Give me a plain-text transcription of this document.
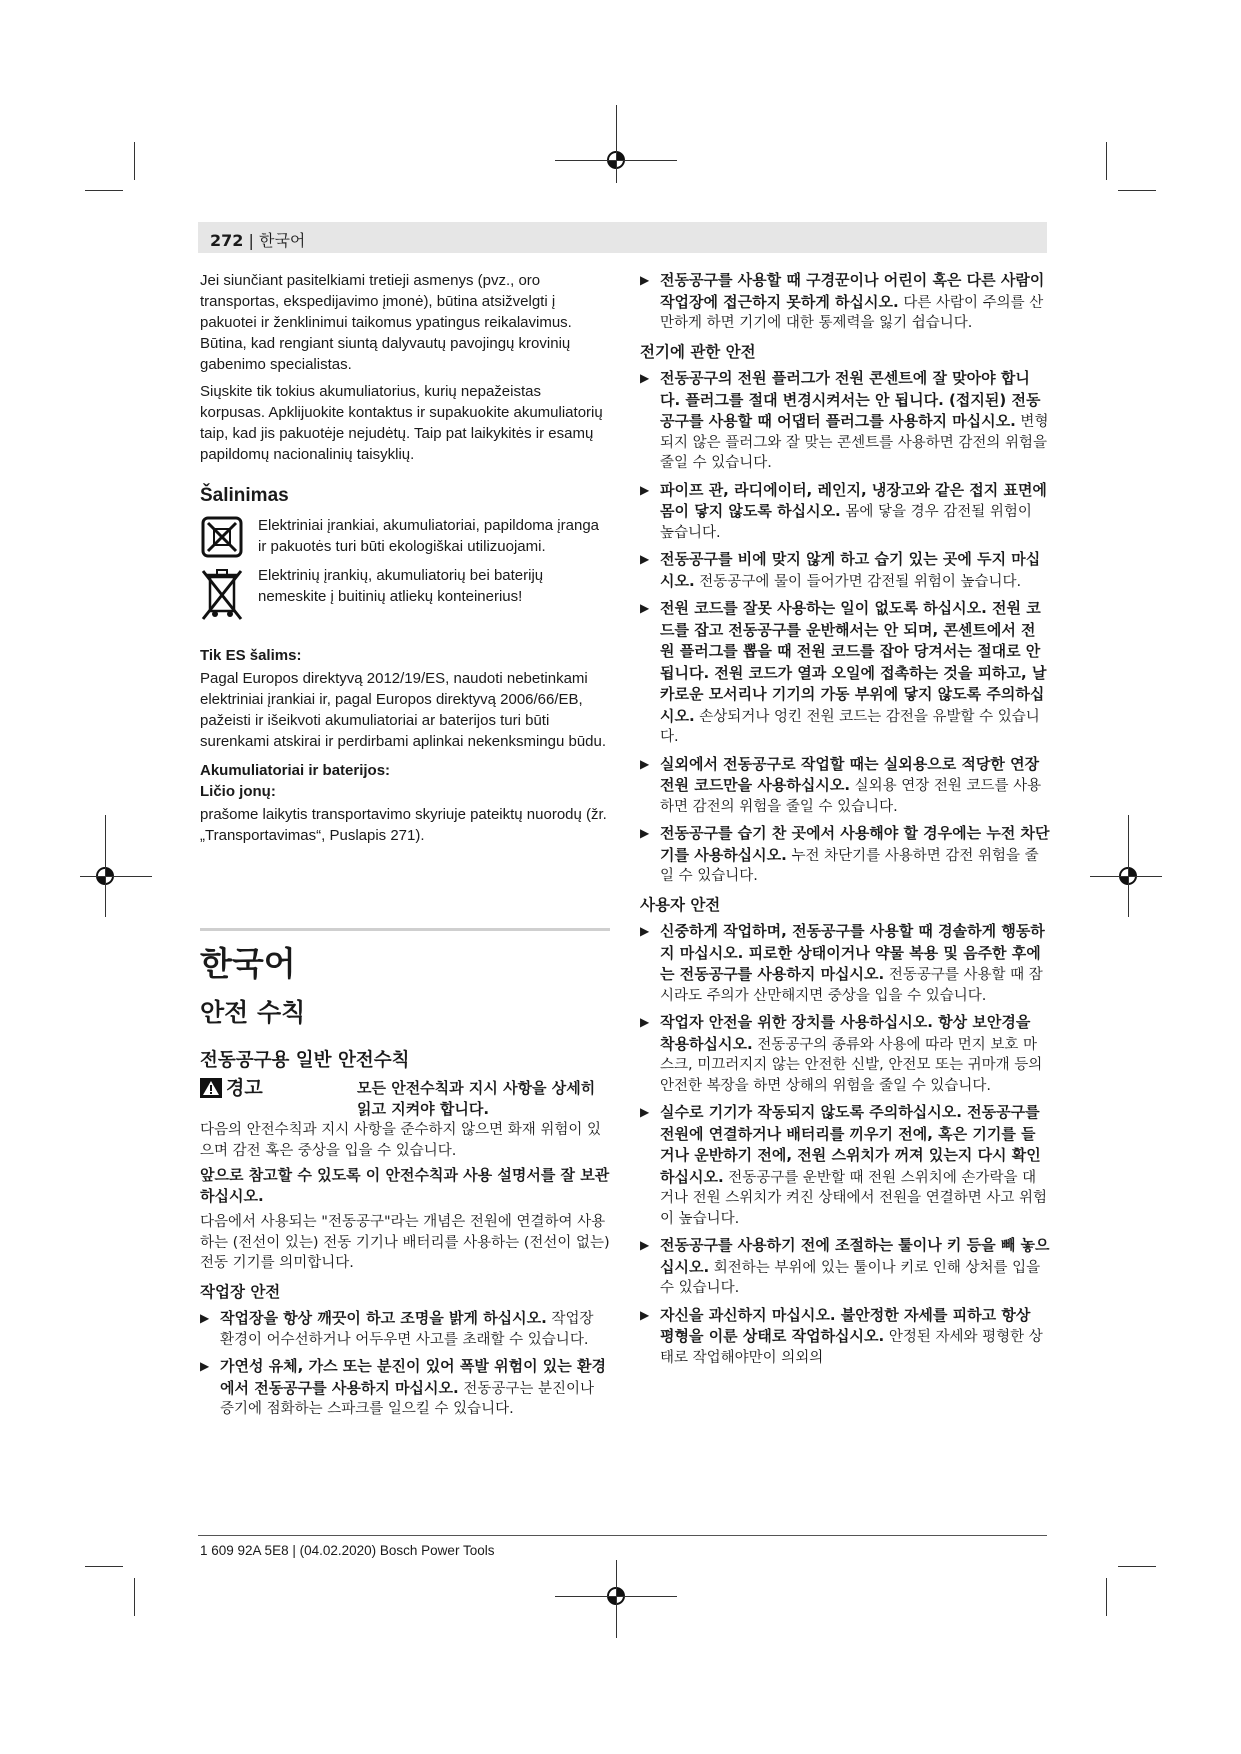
272 | 한국어

Jei siunčiant pasitelkiami tretieji asmenys (pvz., oro transportas, ekspedijavimo įmonė), būtina atsižvelgti į pakuotei ir ženklinimui taikomus ypatingus reikalavimus. Būtina, kad rengiant siuntą dalyvautų pavojingų krovinių gabenimo specialistas.

Siųskite tik tokius akumuliatorius, kurių nepažeistas korpusas. Apklijuokite kontaktus ir supakuokite akumuliatorių taip, kad jis pakuotėje nejudėtų. Taip pat laikykitės ir esamų papildomų nacionalinių taisyklių.

Šalinimas

Elektriniai įrankiai, akumuliatoriai, papildoma įranga ir pakuotės turi būti ekologiškai utilizuojami.

Elektrinių įrankių, akumuliatorių bei baterijų nemeskite į buitinių atliekų konteinerius!

Tik ES šalims:

Pagal Europos direktyvą 2012/19/ES, naudoti nebetinkami elektriniai įrankiai ir, pagal Europos direktyvą 2006/66/EB, pažeisti ir išeikvoti akumuliatoriai ar baterijos turi būti surenkami atskirai ir perdirbami aplinkai nekenksmingu būdu.

Akumuliatoriai ir baterijos:
Ličio jonų:

prašome laikytis transportavimo skyriuje pateiktų nuorodų (žr. „Transportavimas“, Puslapis 271).

한국어
안전 수칙
전동공구용 일반 안전수칙
경고	모든 안전수칙과 지시 사항을 상세히 읽고 지켜야 합니다.

다음의 안전수칙과 지시 사항을 준수하지 않으면 화재 위험이 있으며 감전 혹은 중상을 입을 수 있습니다.

앞으로 참고할 수 있도록 이 안전수칙과 사용 설명서를 잘 보관하십시오.

다음에서 사용되는 "전동공구"라는 개념은 전원에 연결하여 사용하는 (전선이 있는) 전동 기기나 배터리를 사용하는 (전선이 없는) 전동 기기를 의미합니다.

작업장 안전
▶ 작업장을 항상 깨끗이 하고 조명을 밝게 하십시오. 작업장 환경이 어수선하거나 어두우면 사고를 초래할 수 있습니다.
▶ 가연성 유체, 가스 또는 분진이 있어 폭발 위험이 있는 환경에서 전동공구를 사용하지 마십시오. 전동공구는 분진이나 증기에 점화하는 스파크를 일으킬 수 있습니다.
▶ 전동공구를 사용할 때 구경꾼이나 어린이 혹은 다른 사람이 작업장에 접근하지 못하게 하십시오. 다른 사람이 주의를 산만하게 하면 기기에 대한 통제력을 잃기 쉽습니다.
전기에 관한 안전
▶ 전동공구의 전원 플러그가 전원 콘센트에 잘 맞아야 합니다. 플러그를 절대 변경시켜서는 안 됩니다. (접지된) 전동공구를 사용할 때 어댑터 플러그를 사용하지 마십시오. 변형되지 않은 플러그와 잘 맞는 콘센트를 사용하면 감전의 위험을 줄일 수 있습니다.
▶ 파이프 관, 라디에이터, 레인지, 냉장고와 같은 접지 표면에 몸이 닿지 않도록 하십시오. 몸에 닿을 경우 감전될 위험이 높습니다.
▶ 전동공구를 비에 맞지 않게 하고 습기 있는 곳에 두지 마십시오. 전동공구에 물이 들어가면 감전될 위험이 높습니다.
▶ 전원 코드를 잘못 사용하는 일이 없도록 하십시오. 전원 코드를 잡고 전동공구를 운반해서는 안 되며, 콘센트에서 전원 플러그를 뽑을 때 전원 코드를 잡아 당겨서는 절대로 안 됩니다. 전원 코드가 열과 오일에 접촉하는 것을 피하고, 날카로운 모서리나 기기의 가동 부위에 닿지 않도록 주의하십시오. 손상되거나 엉킨 전원 코드는 감전을 유발할 수 있습니다.
▶ 실외에서 전동공구로 작업할 때는 실외용으로 적당한 연장 전원 코드만을 사용하십시오. 실외용 연장 전원 코드를 사용하면 감전의 위험을 줄일 수 있습니다.
▶ 전동공구를 습기 찬 곳에서 사용해야 할 경우에는 누전 차단기를 사용하십시오. 누전 차단기를 사용하면 감전 위험을 줄일 수 있습니다.
사용자 안전
▶ 신중하게 작업하며, 전동공구를 사용할 때 경솔하게 행동하지 마십시오. 피로한 상태이거나 약물 복용 및 음주한 후에는 전동공구를 사용하지 마십시오. 전동공구를 사용할 때 잠시라도 주의가 산만해지면 중상을 입을 수 있습니다.
▶ 작업자 안전을 위한 장치를 사용하십시오. 항상 보안경을 착용하십시오. 전동공구의 종류와 사용에 따라 먼지 보호 마스크, 미끄러지지 않는 안전한 신발, 안전모 또는 귀마개 등의 안전한 복장을 하면 상해의 위험을 줄일 수 있습니다.
▶ 실수로 기기가 작동되지 않도록 주의하십시오. 전동공구를 전원에 연결하거나 배터리를 끼우기 전에, 혹은 기기를 들거나 운반하기 전에, 전원 스위치가 꺼져 있는지 다시 확인하십시오. 전동공구를 운반할 때 전원 스위치에 손가락을 대거나 전원 스위치가 켜진 상태에서 전원을 연결하면 사고 위험이 높습니다.
▶ 전동공구를 사용하기 전에 조절하는 툴이나 키 등을 빼 놓으십시오. 회전하는 부위에 있는 툴이나 키로 인해 상처를 입을 수 있습니다.
▶ 자신을 과신하지 마십시오. 불안정한 자세를 피하고 항상 평형을 이룬 상태로 작업하십시오. 안정된 자세와 평형한 상태로 작업해야만이 의외의
1 609 92A 5E8 | (04.02.2020) Bosch Power Tools
